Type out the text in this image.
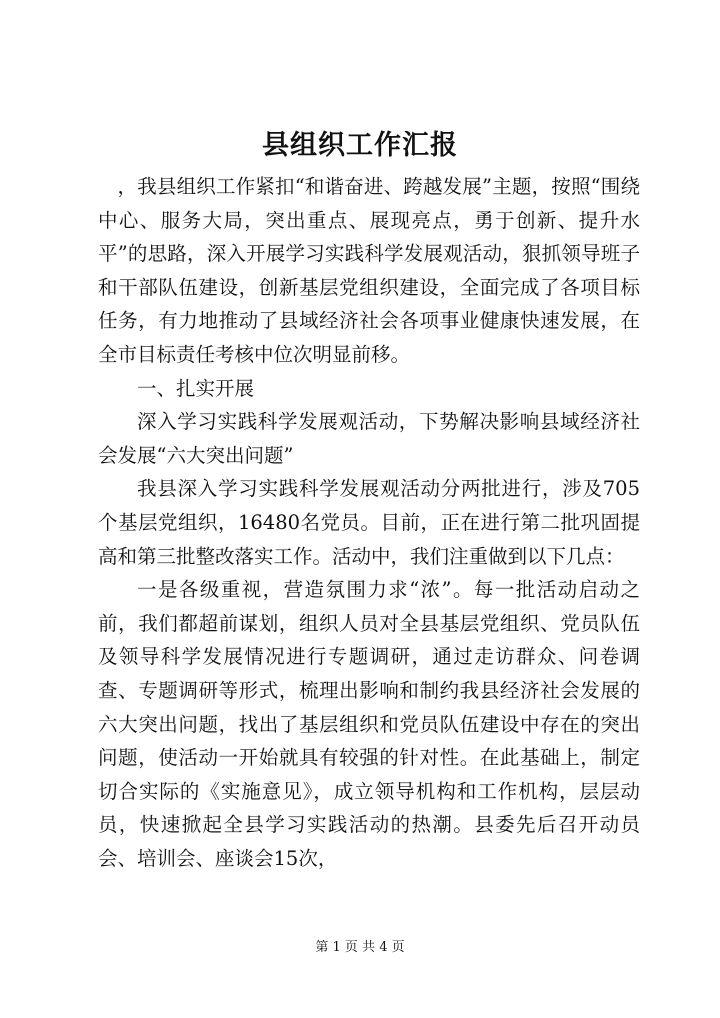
县组织工作汇报

，我县组织工作紧扣“和谐奋进、跨越发展”主题，按照“围绕中心、服务大局，突出重点、展现亮点，勇于创新、提升水平”的思路，深入开展学习实践科学发展观活动，狠抓领导班子和干部队伍建设，创新基层党组织建设，全面完成了各项目标任务，有力地推动了县域经济社会各项事业健康快速发展，在全市目标责任考核中位次明显前移。

一、扎实开展

深入学习实践科学发展观活动，下势解决影响县域经济社会发展“六大突出问题”

我县深入学习实践科学发展观活动分两批进行，涉及705个基层党组织，16480名党员。目前，正在进行第二批巩固提高和第三批整改落实工作。活动中，我们注重做到以下几点：

一是各级重视，营造氛围力求“浓”。每一批活动启动之前，我们都超前谋划，组织人员对全县基层党组织、党员队伍及领导科学发展情况进行专题调研，通过走访群众、问卷调查、专题调研等形式，梳理出影响和制约我县经济社会发展的六大突出问题，找出了基层组织和党员队伍建设中存在的突出问题，使活动一开始就具有较强的针对性。在此基础上，制定切合实际的《实施意见》，成立领导机构和工作机构，层层动员，快速掀起全县学习实践活动的热潮。县委先后召开动员会、培训会、座谈会15次，

第 1 页 共 4 页
